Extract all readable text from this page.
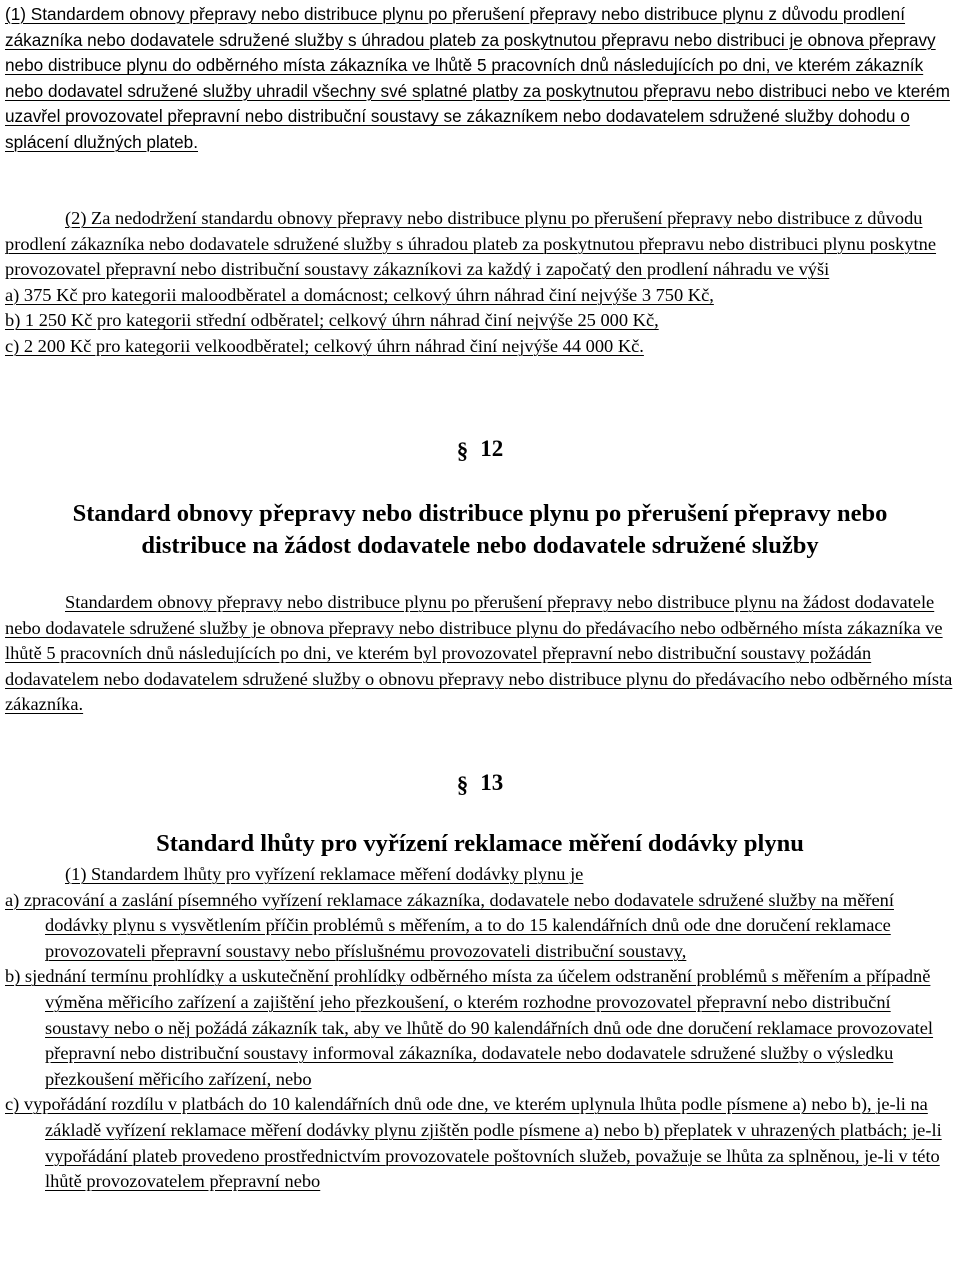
(1) Standardem obnovy přepravy nebo distribuce plynu po přerušení přepravy nebo distribuce plynu z důvodu prodlení zákazníka nebo dodavatele sdružené služby s úhradou plateb za poskytnutou přepravu nebo distribuci je obnova přepravy nebo distribuce plynu do odběrného místa zákazníka ve lhůtě 5 pracovních dnů následujících po dni, ve kterém zákazník nebo dodavatel sdružené služby uhradil všechny své splatné platby za poskytnutou přepravu nebo distribuci nebo ve kterém uzavřel provozovatel přepravní nebo distribuční soustavy se zákazníkem nebo dodavatelem sdružené služby dohodu o splácení dlužných plateb.
(2) Za nedodržení standardu obnovy přepravy nebo distribuce plynu po přerušení přepravy nebo distribuce z důvodu prodlení zákazníka nebo dodavatele sdružené služby s úhradou plateb za poskytnutou přepravu nebo distribuci plynu poskytne provozovatel přepravní nebo distribuční soustavy zákazníkovi za každý i započatý den prodlení náhradu ve výši
a) 375 Kč pro kategorii maloodběratel a domácnost; celkový úhrn náhrad činí nejvýše 3 750 Kč,
b) 1 250 Kč pro kategorii střední odběratel; celkový úhrn náhrad činí nejvýše 25 000 Kč,
c) 2 200 Kč pro kategorii velkoodběratel; celkový úhrn náhrad činí nejvýše 44 000 Kč.
§ 12
Standard obnovy přepravy nebo distribuce plynu po přerušení přepravy nebo
distribuce na žádost dodavatele nebo dodavatele sdružené služby
Standardem obnovy přepravy nebo distribuce plynu po přerušení přepravy nebo distribuce plynu na žádost dodavatele nebo dodavatele sdružené služby je obnova přepravy nebo distribuce plynu do předávacího nebo odběrného místa zákazníka ve lhůtě 5 pracovních dnů následujících po dni, ve kterém byl provozovatel přepravní nebo distribuční soustavy požádán dodavatelem nebo dodavatelem sdružené služby o obnovu přepravy nebo distribuce plynu do předávacího nebo odběrného místa zákazníka.
§ 13
Standard lhůty pro vyřízení reklamace měření dodávky plynu
(1) Standardem lhůty pro vyřízení reklamace měření dodávky plynu je
a) zpracování a zaslání písemného vyřízení reklamace zákazníka, dodavatele nebo dodavatele sdružené služby na měření dodávky plynu s vysvětlením příčin problémů s měřením, a to do 15 kalendářních dnů ode dne doručení reklamace provozovateli přepravní soustavy nebo příslušnému provozovateli distribuční soustavy,
b) sjednání termínu prohlídky a uskutečnění prohlídky odběrného místa za účelem odstranění problémů s měřením a případně výměna měřicího zařízení a zajištění jeho přezkoušení, o kterém rozhodne provozovatel přepravní nebo distribuční soustavy nebo o něj požádá zákazník tak, aby ve lhůtě do 90 kalendářních dnů ode dne doručení reklamace provozovatel přepravní nebo distribuční soustavy informoval zákazníka, dodavatele nebo dodavatele sdružené služby o výsledku přezkoušení měřicího zařízení, nebo
c) vypořádání rozdílu v platbách do 10 kalendářních dnů ode dne, ve kterém uplynula lhůta podle písmene a) nebo b), je-li na základě vyřízení reklamace měření dodávky plynu zjištěn podle písmene a) nebo b) přeplatek v uhrazených platbách; je-li vypořádání plateb provedeno prostřednictvím provozovatele poštovních služeb, považuje se lhůta za splněnou, je-li v této lhůtě provozovatelem přepravní nebo
